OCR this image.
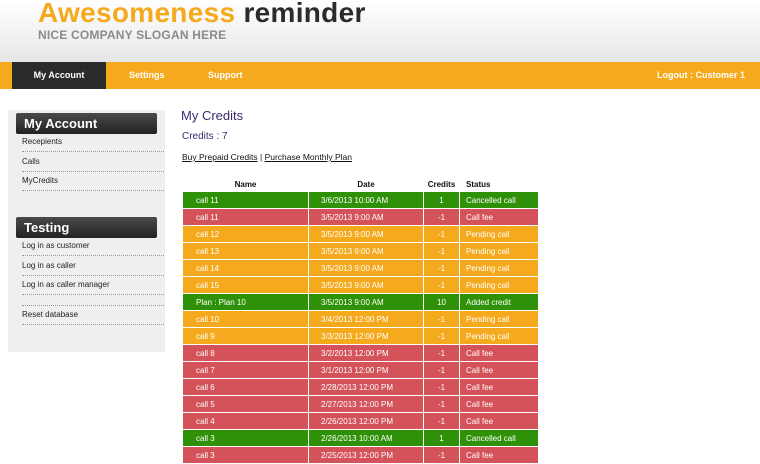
Awesomeness reminder
NICE COMPANY SLOGAN HERE
My Account	Settings	Support	Logout : Customer 1
My Account
Recepients
Calls
MyCredits
Testing
Log in as customer
Log in as caller
Log in as caller manager
Reset database
My Credits
Credits : 7
Buy Prepaid Credits | Purchase Monthly Plan
Name	Date	Credits	Status
call 11	3/6/2013 10:00 AM	1	Cancelled call
call 11	3/5/2013 9:00 AM	-1	Call fee
call 12	3/5/2013 9:00 AM	-1	Pending call
call 13	3/5/2013 9:00 AM	-1	Pending call
call 14	3/5/2013 9:00 AM	-1	Pending call
call 15	3/5/2013 9:00 AM	-1	Pending call
Plan : Plan 10	3/5/2013 9:00 AM	10	Added credit
call 10	3/4/2013 12:00 PM	-1	Pending call
call 9	3/3/2013 12:00 PM	-1	Pending call
call 8	3/2/2013 12:00 PM	-1	Call fee
call 7	3/1/2013 12:00 PM	-1	Call fee
call 6	2/28/2013 12:00 PM	-1	Call fee
call 5	2/27/2013 12:00 PM	-1	Call fee
call 4	2/26/2013 12:00 PM	-1	Call fee
call 3	2/26/2013 10:00 AM	1	Cancelled call
call 3	2/25/2013 12:00 PM	-1	Call fee
